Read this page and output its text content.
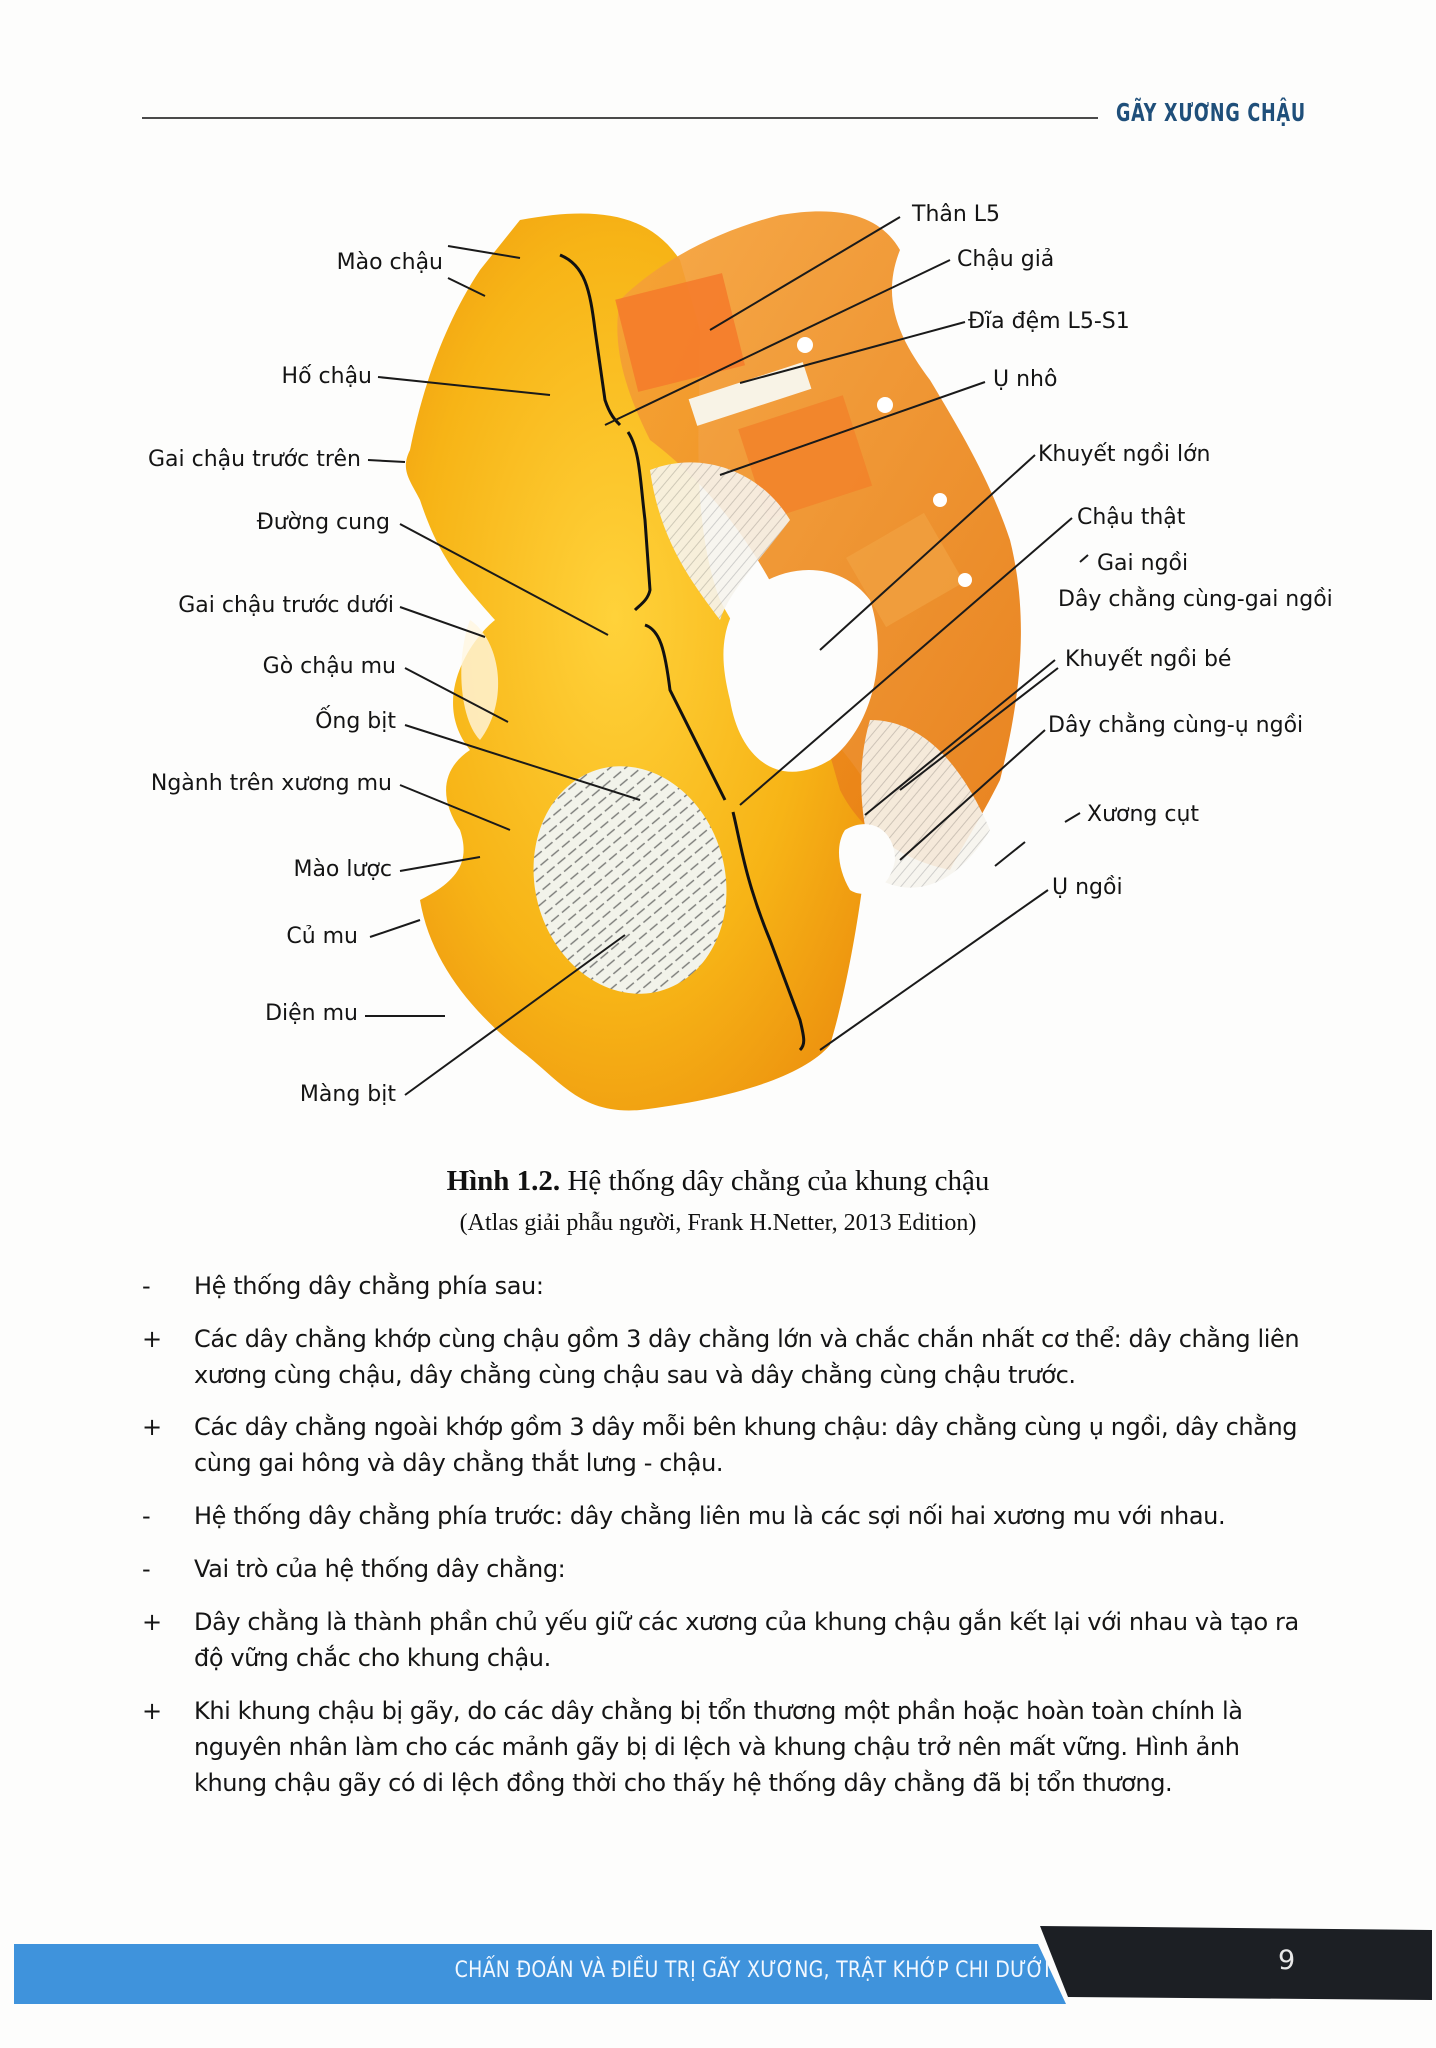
GÃY XƯƠNG CHẬU
Mào chậu
Hố chậu
Gai chậu trước trên
Đường cung
Gai chậu trước dưới
Gò chậu mu
Ống bịt
Ngành trên xương mu
Mào lược
Củ mu
Diện mu
Màng bịt
Thân L5
Chậu giả
Đĩa đệm L5-S1
Ụ nhô
Khuyết ngồi lớn
Chậu thật
Gai ngồi
Dây chằng cùng-gai ngồi
Khuyết ngồi bé
Dây chằng cùng-ụ ngồi
Xương cụt
Ụ ngồi
Hình 1.2. Hệ thống dây chằng của khung chậu
(Atlas giải phẫu người, Frank H.Netter, 2013 Edition)
-	Hệ thống dây chằng phía sau:
+	Các dây chằng khớp cùng chậu gồm 3 dây chằng lớn và chắc chắn nhất cơ thể: dây chằng liên xương cùng chậu, dây chằng cùng chậu sau và dây chằng cùng chậu trước.
+	Các dây chằng ngoài khớp gồm 3 dây mỗi bên khung chậu: dây chằng cùng ụ ngồi, dây chằng cùng gai hông và dây chằng thắt lưng - chậu.
-	Hệ thống dây chằng phía trước: dây chằng liên mu là các sợi nối hai xương mu với nhau.
-	Vai trò của hệ thống dây chằng:
+	Dây chằng là thành phần chủ yếu giữ các xương của khung chậu gắn kết lại với nhau và tạo ra độ vững chắc cho khung chậu.
+	Khi khung chậu bị gãy, do các dây chằng bị tổn thương một phần hoặc hoàn toàn chính là nguyên nhân làm cho các mảnh gãy bị di lệch và khung chậu trở nên mất vững. Hình ảnh khung chậu gãy có di lệch đồng thời cho thấy hệ thống dây chằng đã bị tổn thương.
CHẨN ĐOÁN VÀ ĐIỀU TRỊ GÃY XƯƠNG, TRẬT KHỚP CHI DƯỚI	9
